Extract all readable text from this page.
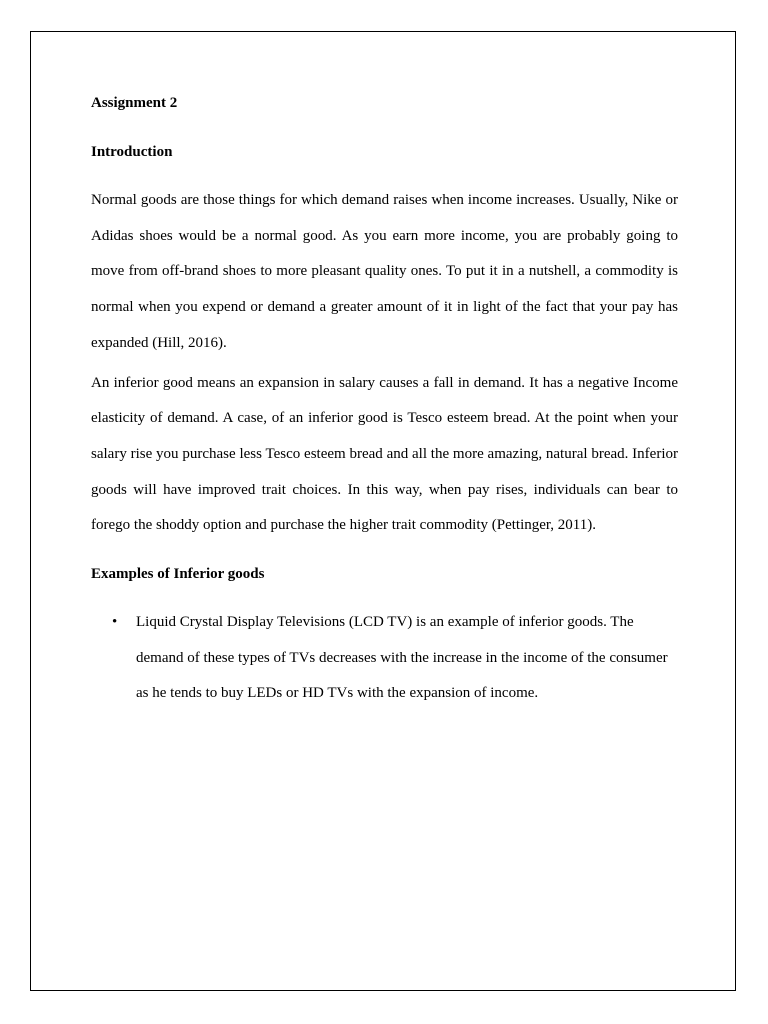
Assignment 2
Introduction

Normal goods are those things for which demand raises when income increases. Usually, Nike or Adidas shoes would be a normal good. As you earn more income, you are probably going to move from off-brand shoes to more pleasant quality ones. To put it in a nutshell, a commodity is normal when you expend or demand a greater amount of it in light of the fact that your pay has expanded (Hill, 2016).

An inferior good means an expansion in salary causes a fall in demand. It has a negative Income elasticity of demand. A case, of an inferior good is Tesco esteem bread. At the point when your salary rise you purchase less Tesco esteem bread and all the more amazing, natural bread. Inferior goods will have improved trait choices. In this way, when pay rises, individuals can bear to forego the shoddy option and purchase the higher trait commodity (Pettinger, 2011).

Examples of Inferior goods
• Liquid Crystal Display Televisions (LCD TV) is an example of inferior goods. The demand of these types of TVs decreases with the increase in the income of the consumer as he tends to buy LEDs or HD TVs with the expansion of income.
